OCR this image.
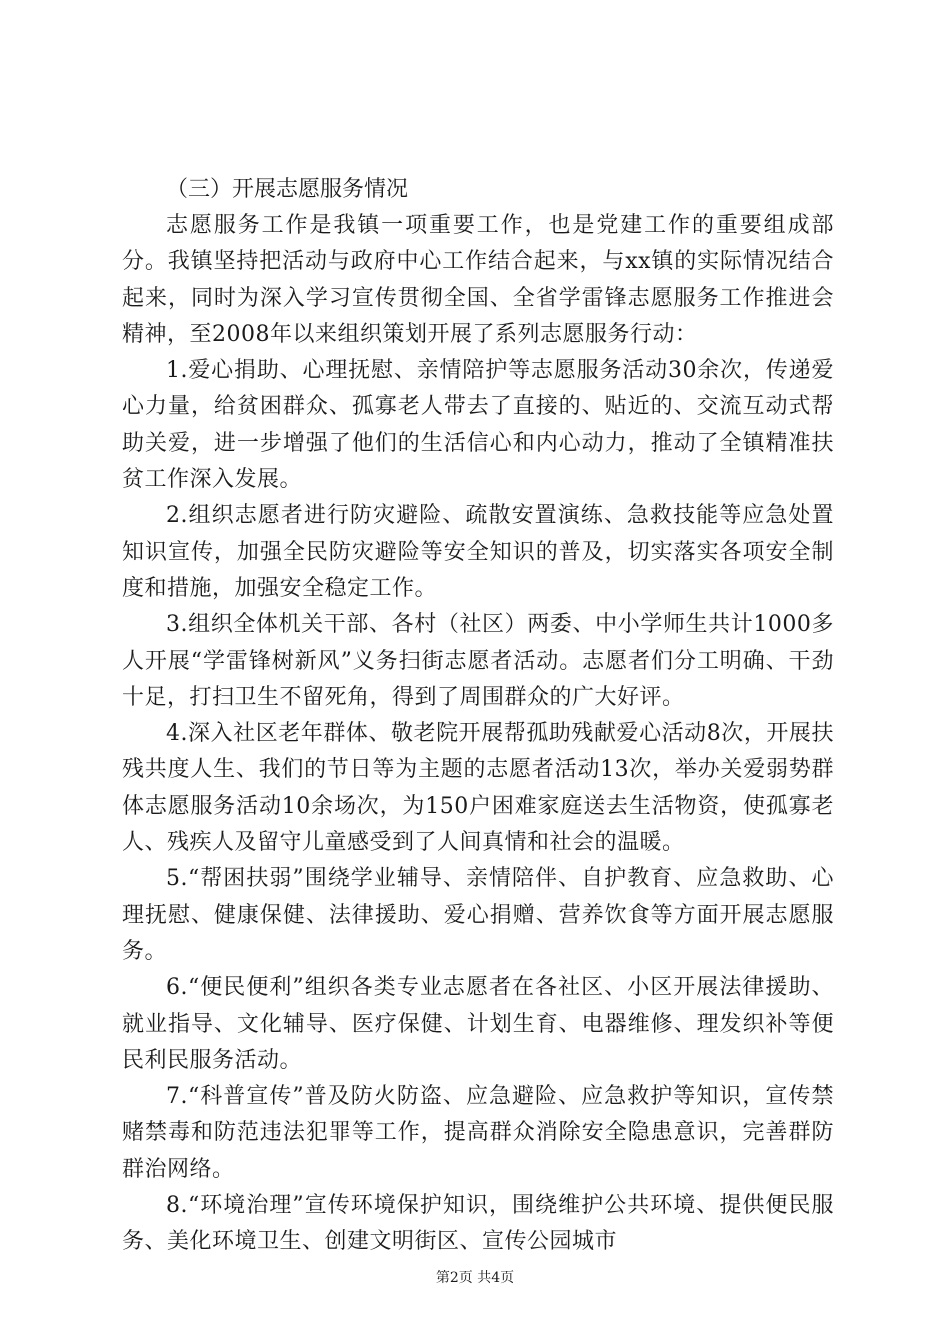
（三）开展志愿服务情况

志愿服务工作是我镇一项重要工作，也是党建工作的重要组成部分。我镇坚持把活动与政府中心工作结合起来，与xx镇的实际情况结合起来，同时为深入学习宣传贯彻全国、全省学雷锋志愿服务工作推进会精神，至2008年以来组织策划开展了系列志愿服务行动：

1.爱心捐助、心理抚慰、亲情陪护等志愿服务活动30余次，传递爱心力量，给贫困群众、孤寡老人带去了直接的、贴近的、交流互动式帮助关爱，进一步增强了他们的生活信心和内心动力，推动了全镇精准扶贫工作深入发展。

2.组织志愿者进行防灾避险、疏散安置演练、急救技能等应急处置知识宣传，加强全民防灾避险等安全知识的普及，切实落实各项安全制度和措施，加强安全稳定工作。

3.组织全体机关干部、各村（社区）两委、中小学师生共计1000多人开展“学雷锋树新风”义务扫街志愿者活动。志愿者们分工明确、干劲十足，打扫卫生不留死角，得到了周围群众的广大好评。

4.深入社区老年群体、敬老院开展帮孤助残献爱心活动8次，开展扶残共度人生、我们的节日等为主题的志愿者活动13次，举办关爱弱势群体志愿服务活动10余场次，为150户困难家庭送去生活物资，使孤寡老人、残疾人及留守儿童感受到了人间真情和社会的温暖。

5.“帮困扶弱”围绕学业辅导、亲情陪伴、自护教育、应急救助、心理抚慰、健康保健、法律援助、爱心捐赠、营养饮食等方面开展志愿服务。

6.“便民便利”组织各类专业志愿者在各社区、小区开展法律援助、就业指导、文化辅导、医疗保健、计划生育、电器维修、理发织补等便民利民服务活动。

7.“科普宣传”普及防火防盗、应急避险、应急救护等知识，宣传禁赌禁毒和防范违法犯罪等工作，提高群众消除安全隐患意识，完善群防群治网络。

8.“环境治理”宣传环境保护知识，围绕维护公共环境、提供便民服务、美化环境卫生、创建文明街区、宣传公园城市

第2页 共4页
